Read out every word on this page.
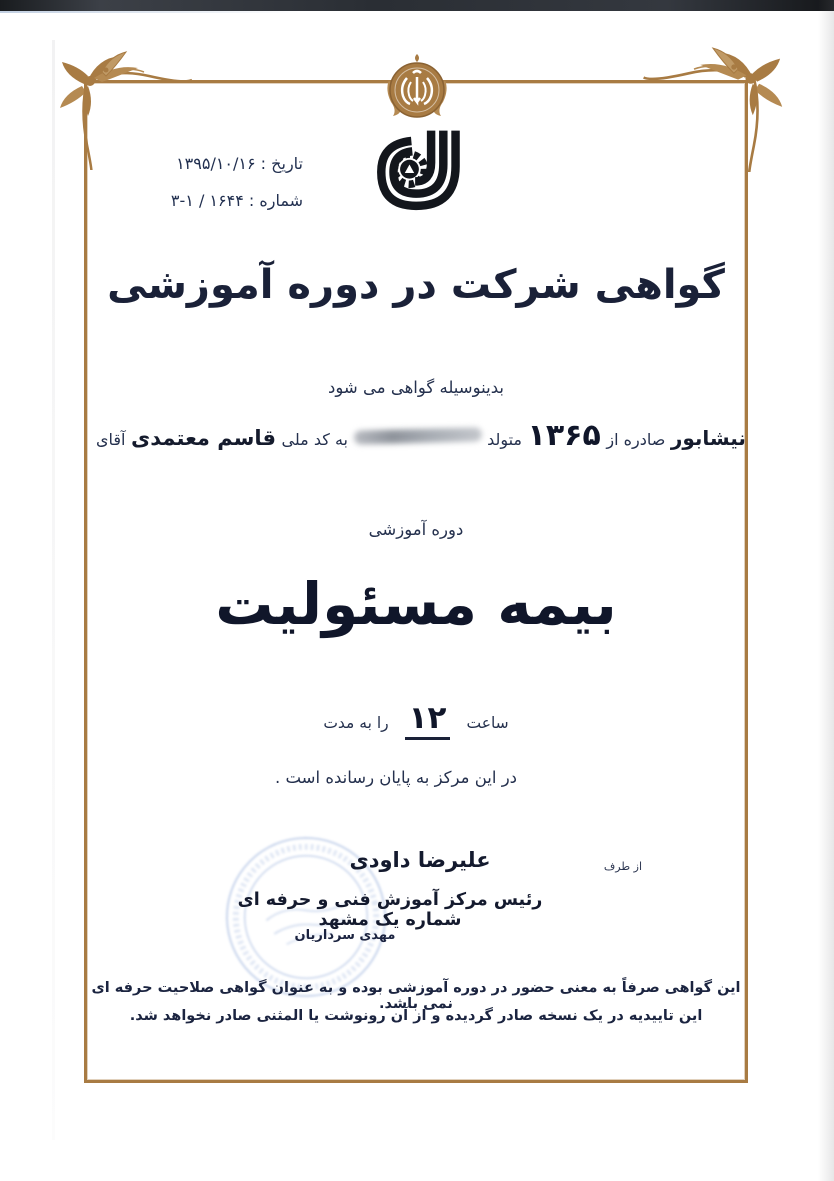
تاریخ : ۱۳۹۵/۱۰/۱۶
شماره : ۱۶۴۴ / ۱-۳
گواهی شرکت در دوره آموزشی
بدینوسیله گواهی می شود
آقای قاسم معتمدی به کد ملی	متولد ۱۳۶۵ صادره از نیشابور
دوره آموزشی
بیمه مسئولیت
را به مدت ۱۲ ساعت
در این مرکز به پایان رسانده است .
از طرف
علیرضا داودی
رئیس مرکز آموزش فنی و حرفه ای شماره یک مشهد
مهدی سرداریان
این گواهی صرفاً به معنی حضور در دوره آموزشی بوده و به عنوان گواهی صلاحیت حرفه ای نمی باشد.
این تاییدیه در یک نسخه صادر گردیده و از آن رونوشت یا المثنی صادر نخواهد شد.
